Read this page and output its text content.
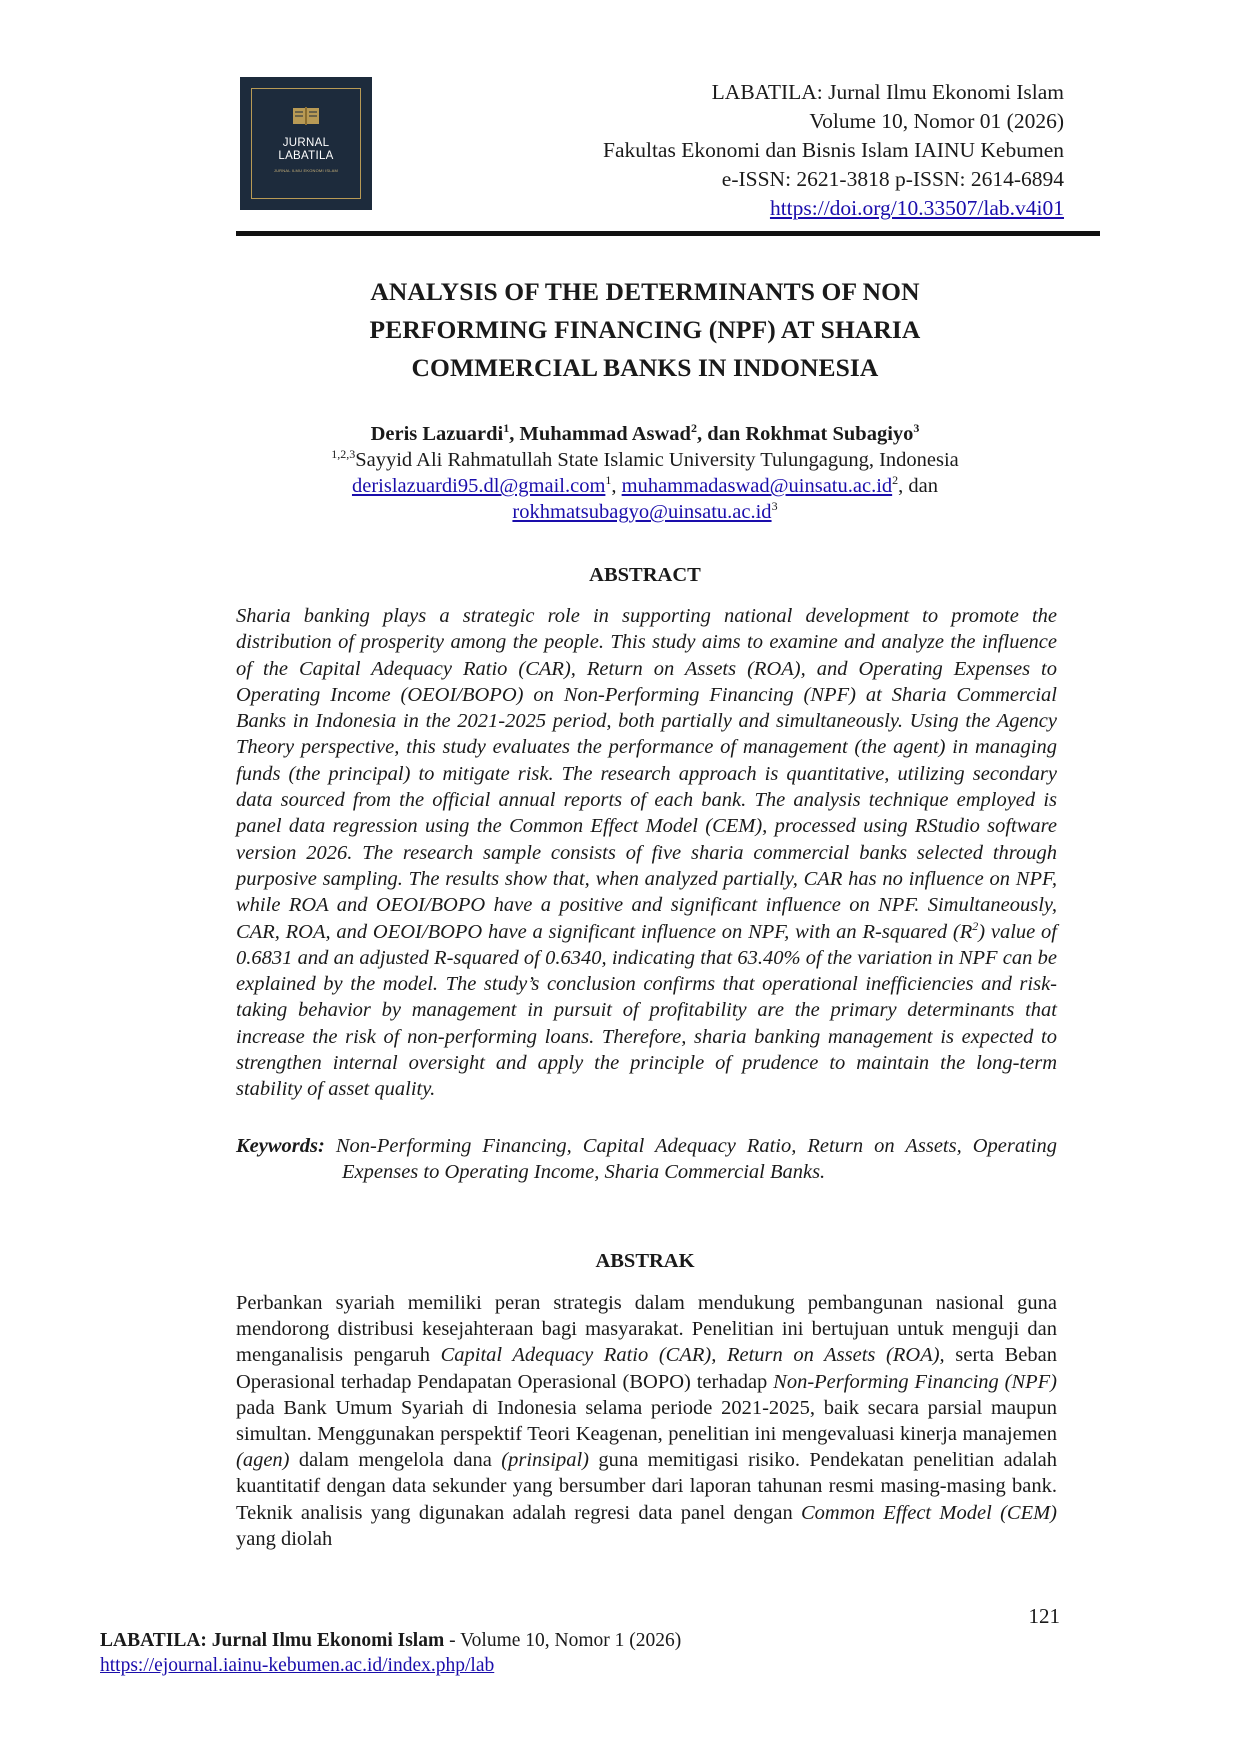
JURNAL
LABATILA
JURNAL ILMU EKONOMI ISLAM
LABATILA: Jurnal Ilmu Ekonomi Islam
Volume 10, Nomor 01 (2026)
Fakultas Ekonomi dan Bisnis Islam IAINU Kebumen
e-ISSN: 2621-3818 p-ISSN: 2614-6894
https://doi.org/10.33507/lab.v4i01
ANALYSIS OF THE DETERMINANTS OF NON
PERFORMING FINANCING (NPF) AT SHARIA
COMMERCIAL BANKS IN INDONESIA
Deris Lazuardi$^1$, Muhammad Aswad$^2$, dan Rokhmat Subagiyo$^3$
$^{1,2,3}$Sayyid Ali Rahmatullah State Islamic University Tulungagung, Indonesia
derislazuardi95.dl@gmail.com$^1$, $muhammadaswad@uinsatu.ac.id^2$, dan
$rokhmatsubagyo@uinsatu.ac.id^3$
ABSTRACT

Sharia banking plays a strategic role in supporting national development to promote the distribution of prosperity among the people. This study aims to examine and analyze the influence of the Capital Adequacy Ratio (CAR), Return on Assets (ROA), and Operating Expenses to Operating Income (OEOI/BOPO) on Non-Performing Financing (NPF) at Sharia Commercial Banks in Indonesia in the 2021-2025 period, both partially and simultaneously. Using the Agency Theory perspective, this study evaluates the performance of management (the agent) in managing funds (the principal) to mitigate risk. The research approach is quantitative, utilizing secondary data sourced from the official annual reports of each bank. The analysis technique employed is panel data regression using the Common Effect Model (CEM), processed using RStudio software version 2026. The research sample consists of five sharia commercial banks selected through purposive sampling. The results show that, when analyzed partially, CAR has no influence on NPF, while ROA and OEOI/BOPO have a positive and significant influence on NPF. Simultaneously, CAR, ROA, and OEOI/BOPO have a significant influence on NPF, with an R-squared $(R^2)$ value of 0.6831 and an adjusted R-squared of 0.6340, indicating that 63.40% of the variation in NPF can be explained by the model. The study’s conclusion confirms that operational inefficiencies and risk-taking behavior by management in pursuit of profitability are the primary determinants that increase the risk of non-performing loans. Therefore, sharia banking management is expected to strengthen internal oversight and apply the principle of prudence to maintain the long-term stability of asset quality.

Keywords: Non-Performing Financing, Capital Adequacy Ratio, Return on Assets, Operating Expenses to Operating Income, Sharia Commercial Banks.

ABSTRAK

Perbankan syariah memiliki peran strategis dalam mendukung pembangunan nasional guna mendorong distribusi kesejahteraan bagi masyarakat. Penelitian ini bertujuan untuk menguji dan menganalisis pengaruh Capital Adequacy Ratio (CAR), Return on Assets (ROA), serta Beban Operasional terhadap Pendapatan Operasional (BOPO) terhadap Non-Performing Financing (NPF) pada Bank Umum Syariah di Indonesia selama periode 2021-2025, baik secara parsial maupun simultan. Menggunakan perspektif Teori Keagenan, penelitian ini mengevaluasi kinerja manajemen (agen) dalam mengelola dana (prinsipal) guna memitigasi risiko. Pendekatan penelitian adalah kuantitatif dengan data sekunder yang bersumber dari laporan tahunan resmi masing-masing bank. Teknik analisis yang digunakan adalah regresi data panel dengan Common Effect Model (CEM) yang diolah

121
LABATILA: Jurnal Ilmu Ekonomi Islam - Volume 10, Nomor 1 (2026)
https://ejournal.iainu-kebumen.ac.id/index.php/lab
